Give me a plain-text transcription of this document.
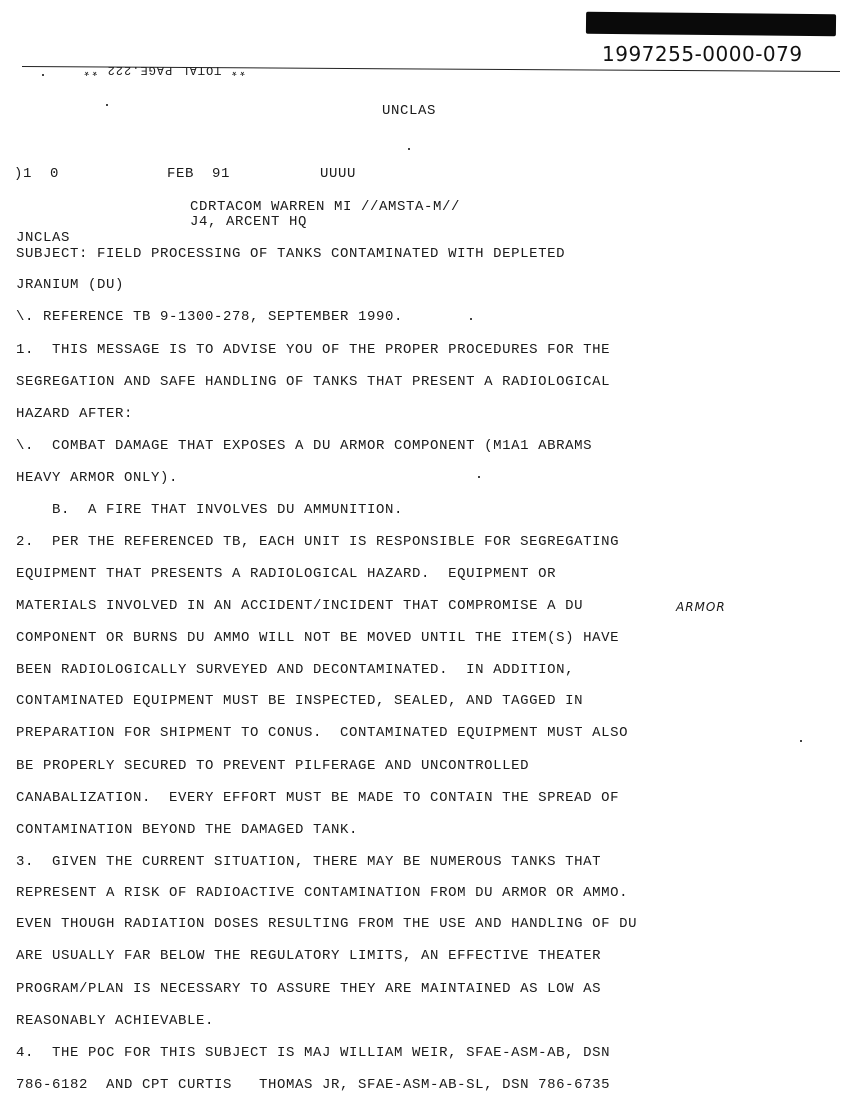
1997255-0000-079

** TOTAL PAGE.222 **

UNCLAS
)1  0            FEB  91          UUUU
CDRTACOM WARREN MI //AMSTA-M//
J4, ARCENT HQ
JNCLAS
SUBJECT: FIELD PROCESSING OF TANKS CONTAMINATED WITH DEPLETED
JRANIUM (DU)
\. REFERENCE TB 9-1300-278, SEPTEMBER 1990.
1.  THIS MESSAGE IS TO ADVISE YOU OF THE PROPER PROCEDURES FOR THE
SEGREGATION AND SAFE HANDLING OF TANKS THAT PRESENT A RADIOLOGICAL
HAZARD AFTER:
\.  COMBAT DAMAGE THAT EXPOSES A DU ARMOR COMPONENT (M1A1 ABRAMS
HEAVY ARMOR ONLY).
B.  A FIRE THAT INVOLVES DU AMMUNITION.
2.  PER THE REFERENCED TB, EACH UNIT IS RESPONSIBLE FOR SEGREGATING
EQUIPMENT THAT PRESENTS A RADIOLOGICAL HAZARD.  EQUIPMENT OR
MATERIALS INVOLVED IN AN ACCIDENT/INCIDENT THAT COMPROMISE A DU	ARMOR
COMPONENT OR BURNS DU AMMO WILL NOT BE MOVED UNTIL THE ITEM(S) HAVE
BEEN RADIOLOGICALLY SURVEYED AND DECONTAMINATED.  IN ADDITION,
CONTAMINATED EQUIPMENT MUST BE INSPECTED, SEALED, AND TAGGED IN
PREPARATION FOR SHIPMENT TO CONUS.  CONTAMINATED EQUIPMENT MUST ALSO
BE PROPERLY SECURED TO PREVENT PILFERAGE AND UNCONTROLLED
CANABALIZATION.  EVERY EFFORT MUST BE MADE TO CONTAIN THE SPREAD OF
CONTAMINATION BEYOND THE DAMAGED TANK.
3.  GIVEN THE CURRENT SITUATION, THERE MAY BE NUMEROUS TANKS THAT
REPRESENT A RISK OF RADIOACTIVE CONTAMINATION FROM DU ARMOR OR AMMO.
EVEN THOUGH RADIATION DOSES RESULTING FROM THE USE AND HANDLING OF DU
ARE USUALLY FAR BELOW THE REGULATORY LIMITS, AN EFFECTIVE THEATER
PROGRAM/PLAN IS NECESSARY TO ASSURE THEY ARE MAINTAINED AS LOW AS
REASONABLY ACHIEVABLE.
4.  THE POC FOR THIS SUBJECT IS MAJ WILLIAM WEIR, SFAE-ASM-AB, DSN
786-6182  AND CPT CURTIS   THOMAS JR, SFAE-ASM-AB-SL, DSN 786-6735
